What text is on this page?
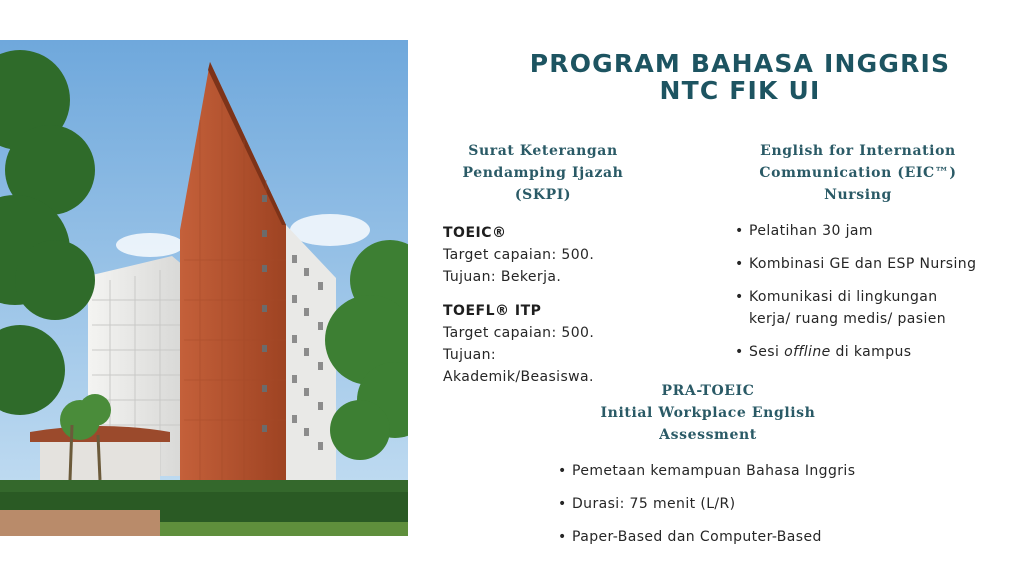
PROGRAM BAHASA INGGRIS
NTC FIK UI
Surat Keterangan
Pendamping Ijazah (SKPI)
TOEIC®
Target capaian: 500.
Tujuan: Bekerja.
TOEFL® ITP
Target capaian: 500.
Tujuan: Akademik/Beasiswa.
English for Internation
Communication (EIC™) Nursing
• Pelatihan 30 jam
• Kombinasi GE dan ESP Nursing
• Komunikasi di lingkungan kerja/ ruang medis/ pasien
• Sesi offline di kampus
PRA-TOEIC
Initial Workplace English Assessment
• Pemetaan kemampuan Bahasa Inggris
• Durasi: 75 menit (L/R)
• Paper-Based dan Computer-Based
